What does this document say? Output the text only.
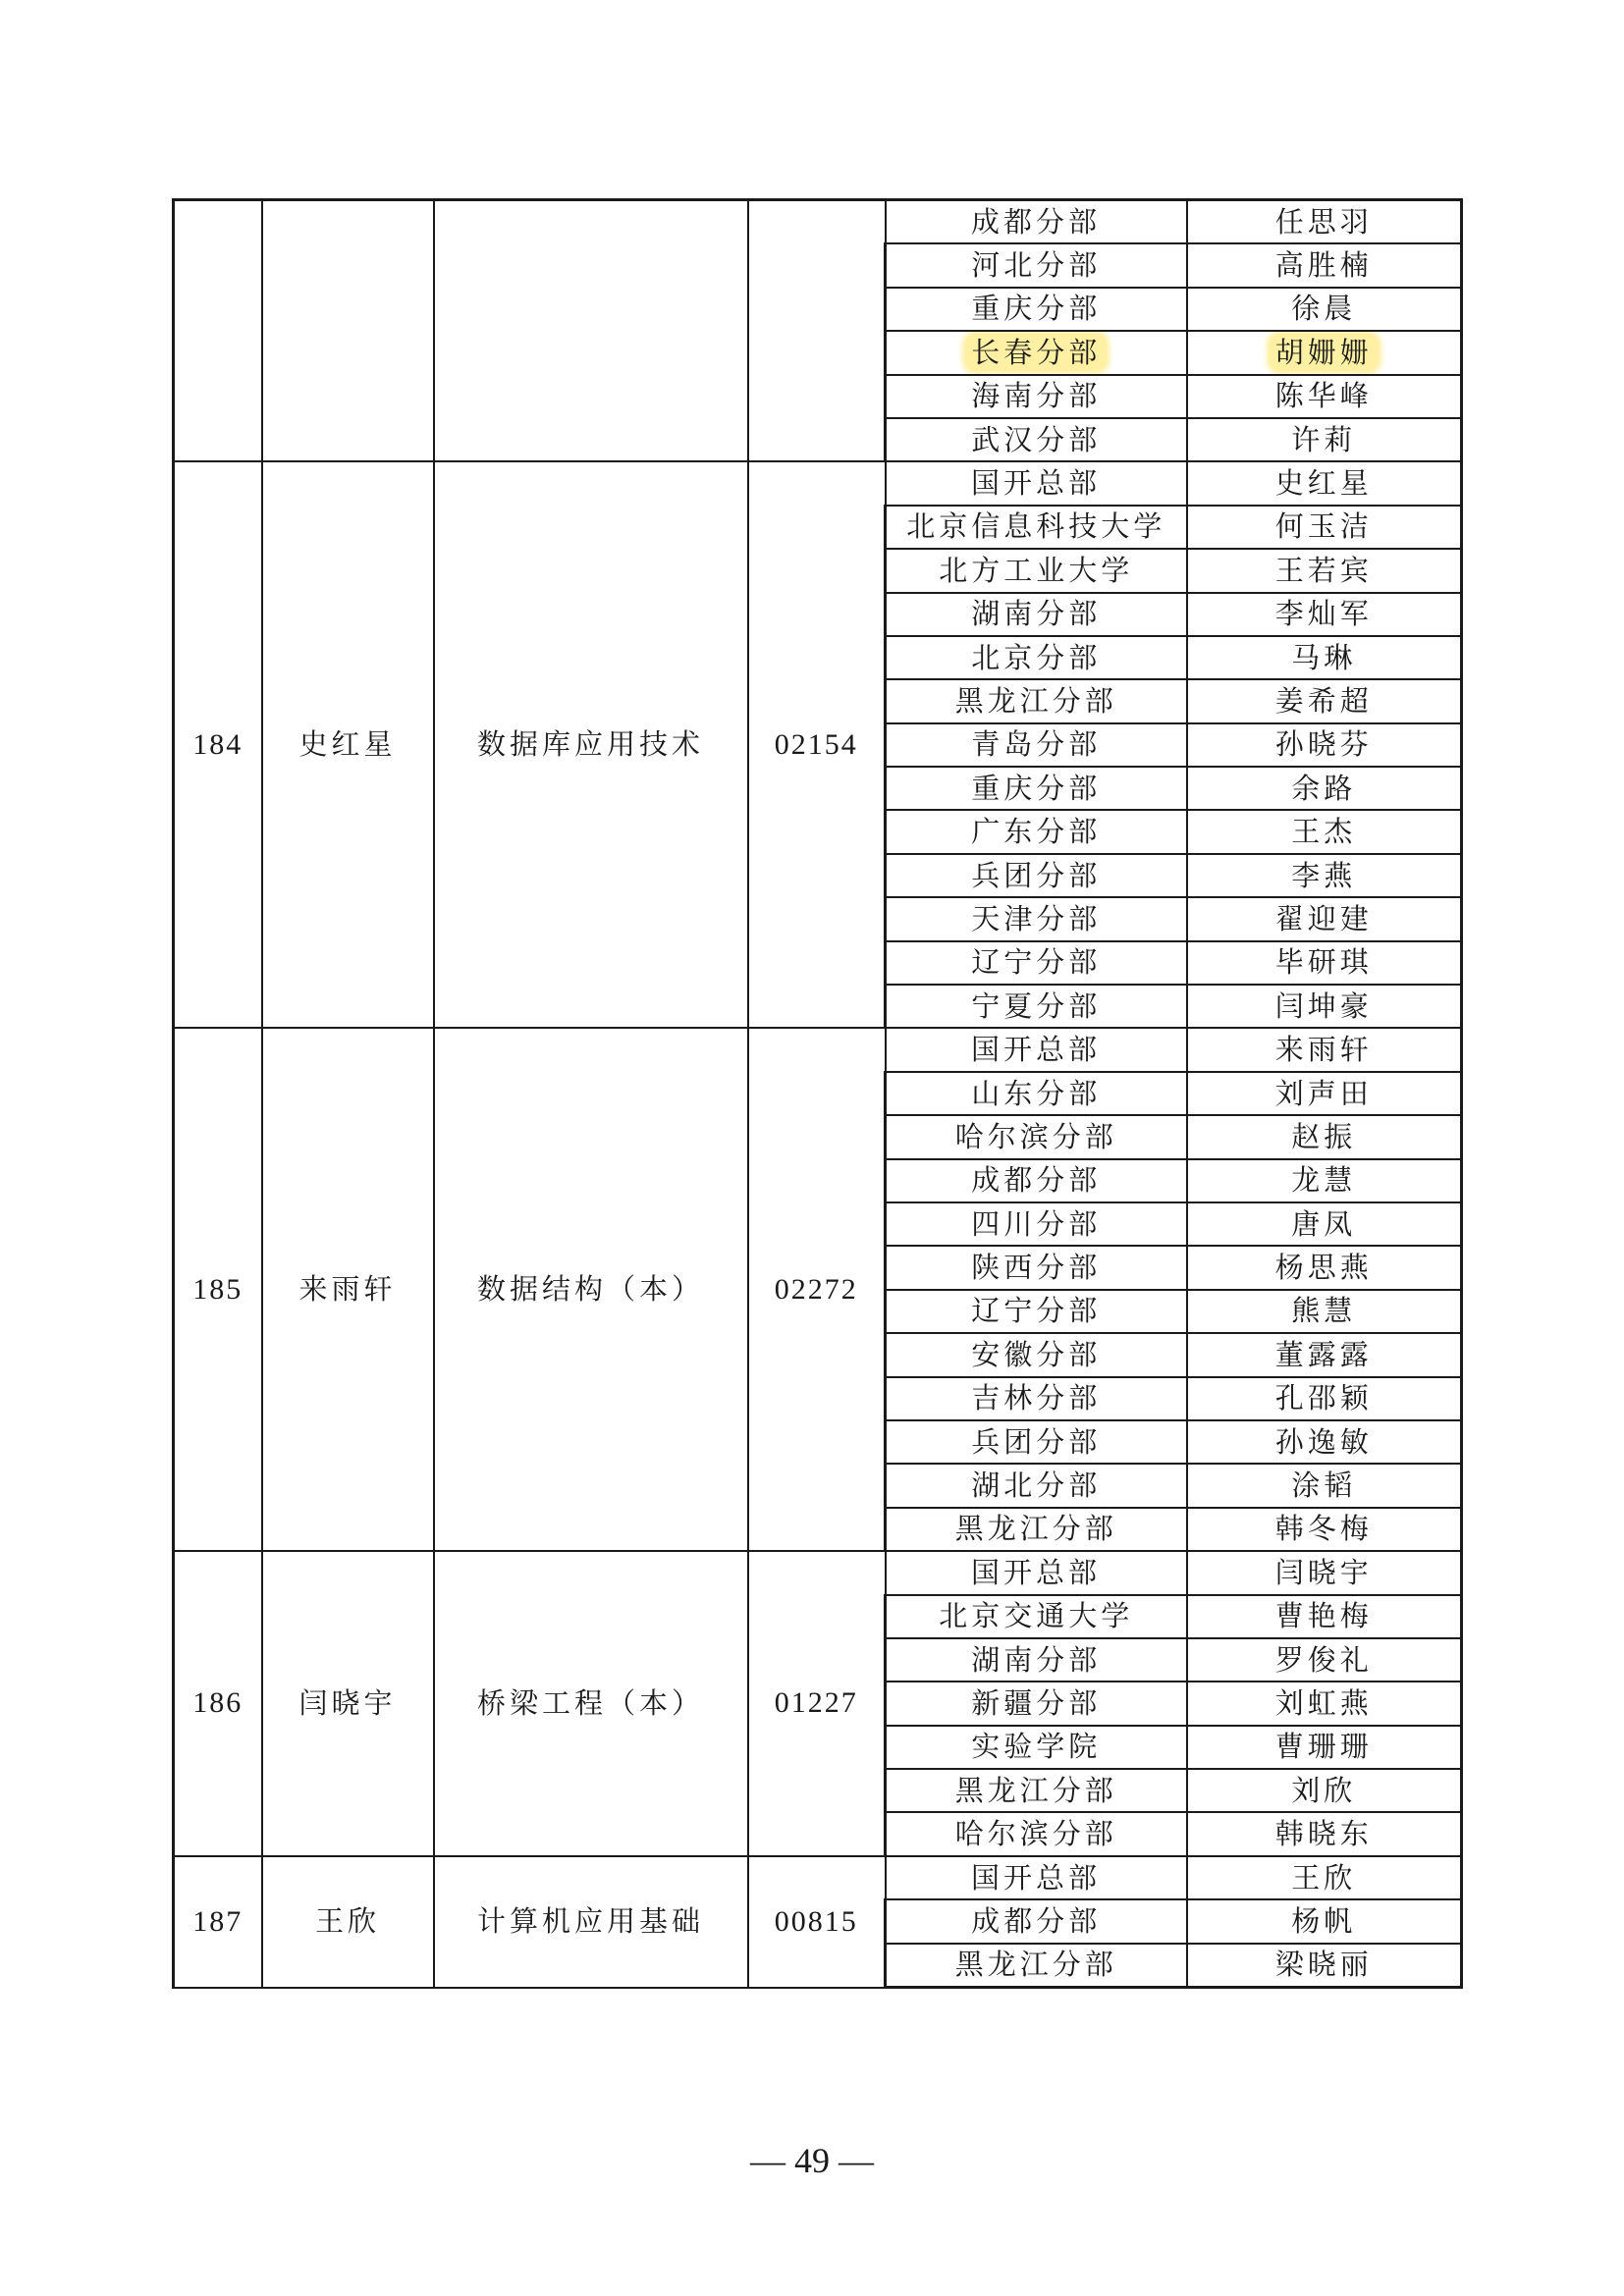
				成都分部	任思羽
				河北分部	高胜楠
				重庆分部	徐晨
				长春分部	胡姗姗
				海南分部	陈华峰
				武汉分部	许莉
184	史红星	数据库应用技术	02154	国开总部	史红星
				北京信息科技大学	何玉洁
				北方工业大学	王若宾
				湖南分部	李灿军
				北京分部	马琳
				黑龙江分部	姜希超
				青岛分部	孙晓芬
				重庆分部	余路
				广东分部	王杰
				兵团分部	李燕
				天津分部	翟迎建
				辽宁分部	毕研琪
				宁夏分部	闫坤豪
185	来雨轩	数据结构（本）	02272	国开总部	来雨轩
				山东分部	刘声田
				哈尔滨分部	赵振
				成都分部	龙慧
				四川分部	唐凤
				陕西分部	杨思燕
				辽宁分部	熊慧
				安徽分部	董露露
				吉林分部	孔邵颖
				兵团分部	孙逸敏
				湖北分部	涂韬
				黑龙江分部	韩冬梅
186	闫晓宇	桥梁工程（本）	01227	国开总部	闫晓宇
				北京交通大学	曹艳梅
				湖南分部	罗俊礼
				新疆分部	刘虹燕
				实验学院	曹珊珊
				黑龙江分部	刘欣
				哈尔滨分部	韩晓东
187	王欣	计算机应用基础	00815	国开总部	王欣
				成都分部	杨帆
				黑龙江分部	梁晓丽
— 49 —
